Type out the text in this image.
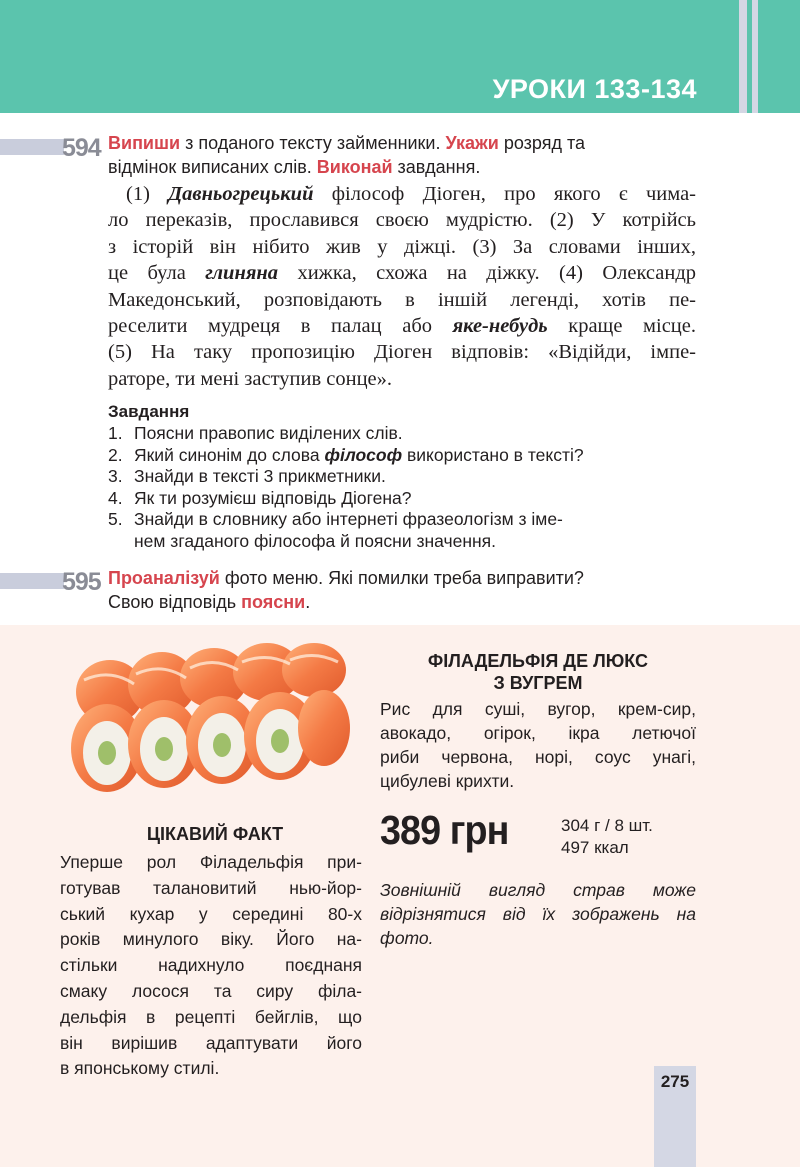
УРОКИ 133-134
594 Випиши з поданого тексту займенники. Укажи розряд та
відмінок виписаних слів. Виконай завдання.
(1) Давньогрецький філософ Діоген, про якого є чима-
ло переказів, прославився своєю мудрістю. (2) У котрійсь
з історій він нібито жив у діжці. (3) За словами інших,
це була глиняна хижка, схожа на діжку. (4) Олександр
Македонський, розповідають в іншій легенді, хотів пе-
реселити мудреця в палац або яке-небудь краще місце.
(5) На таку пропозицію Діоген відповів: «Відійди, імпе-
раторе, ти мені заступив сонце».
Завдання
1. Поясни правопис виділених слів.
2. Який синонім до слова філософ використано в тексті?
3. Знайди в тексті 3 прикметники.
4. Як ти розумієш відповідь Діогена?
5. Знайди в словнику або інтернеті фразеологізм з іме-
нем згаданого філософа й поясни значення.
595 Проаналізуй фото меню. Які помилки треба виправити?
Свою відповідь поясни.
ЦІКАВИЙ ФАКТ
Уперше рол Філадельфія при-
готував талановитий нью-йор-
ський кухар у середині 80-х
років минулого віку. Його на-
стільки надихнуло поєднаня
смаку лосося та сиру філа-
дельфія в рецепті бейглів, що
він вирішив адаптувати його
в японському стилі.
ФІЛАДЕЛЬФІЯ ДЕ ЛЮКС
З ВУГРЕМ
Рис для суші, вугор, крем-сир,
авокадо, огірок, ікра летючої
риби червона, норі, соус унагі,
цибулеві крихти.
389 грн	304 г / 8 шт.
497 ккал
Зовнішній вигляд страв може
відрізнятися від їх зображень на
фото.
275
